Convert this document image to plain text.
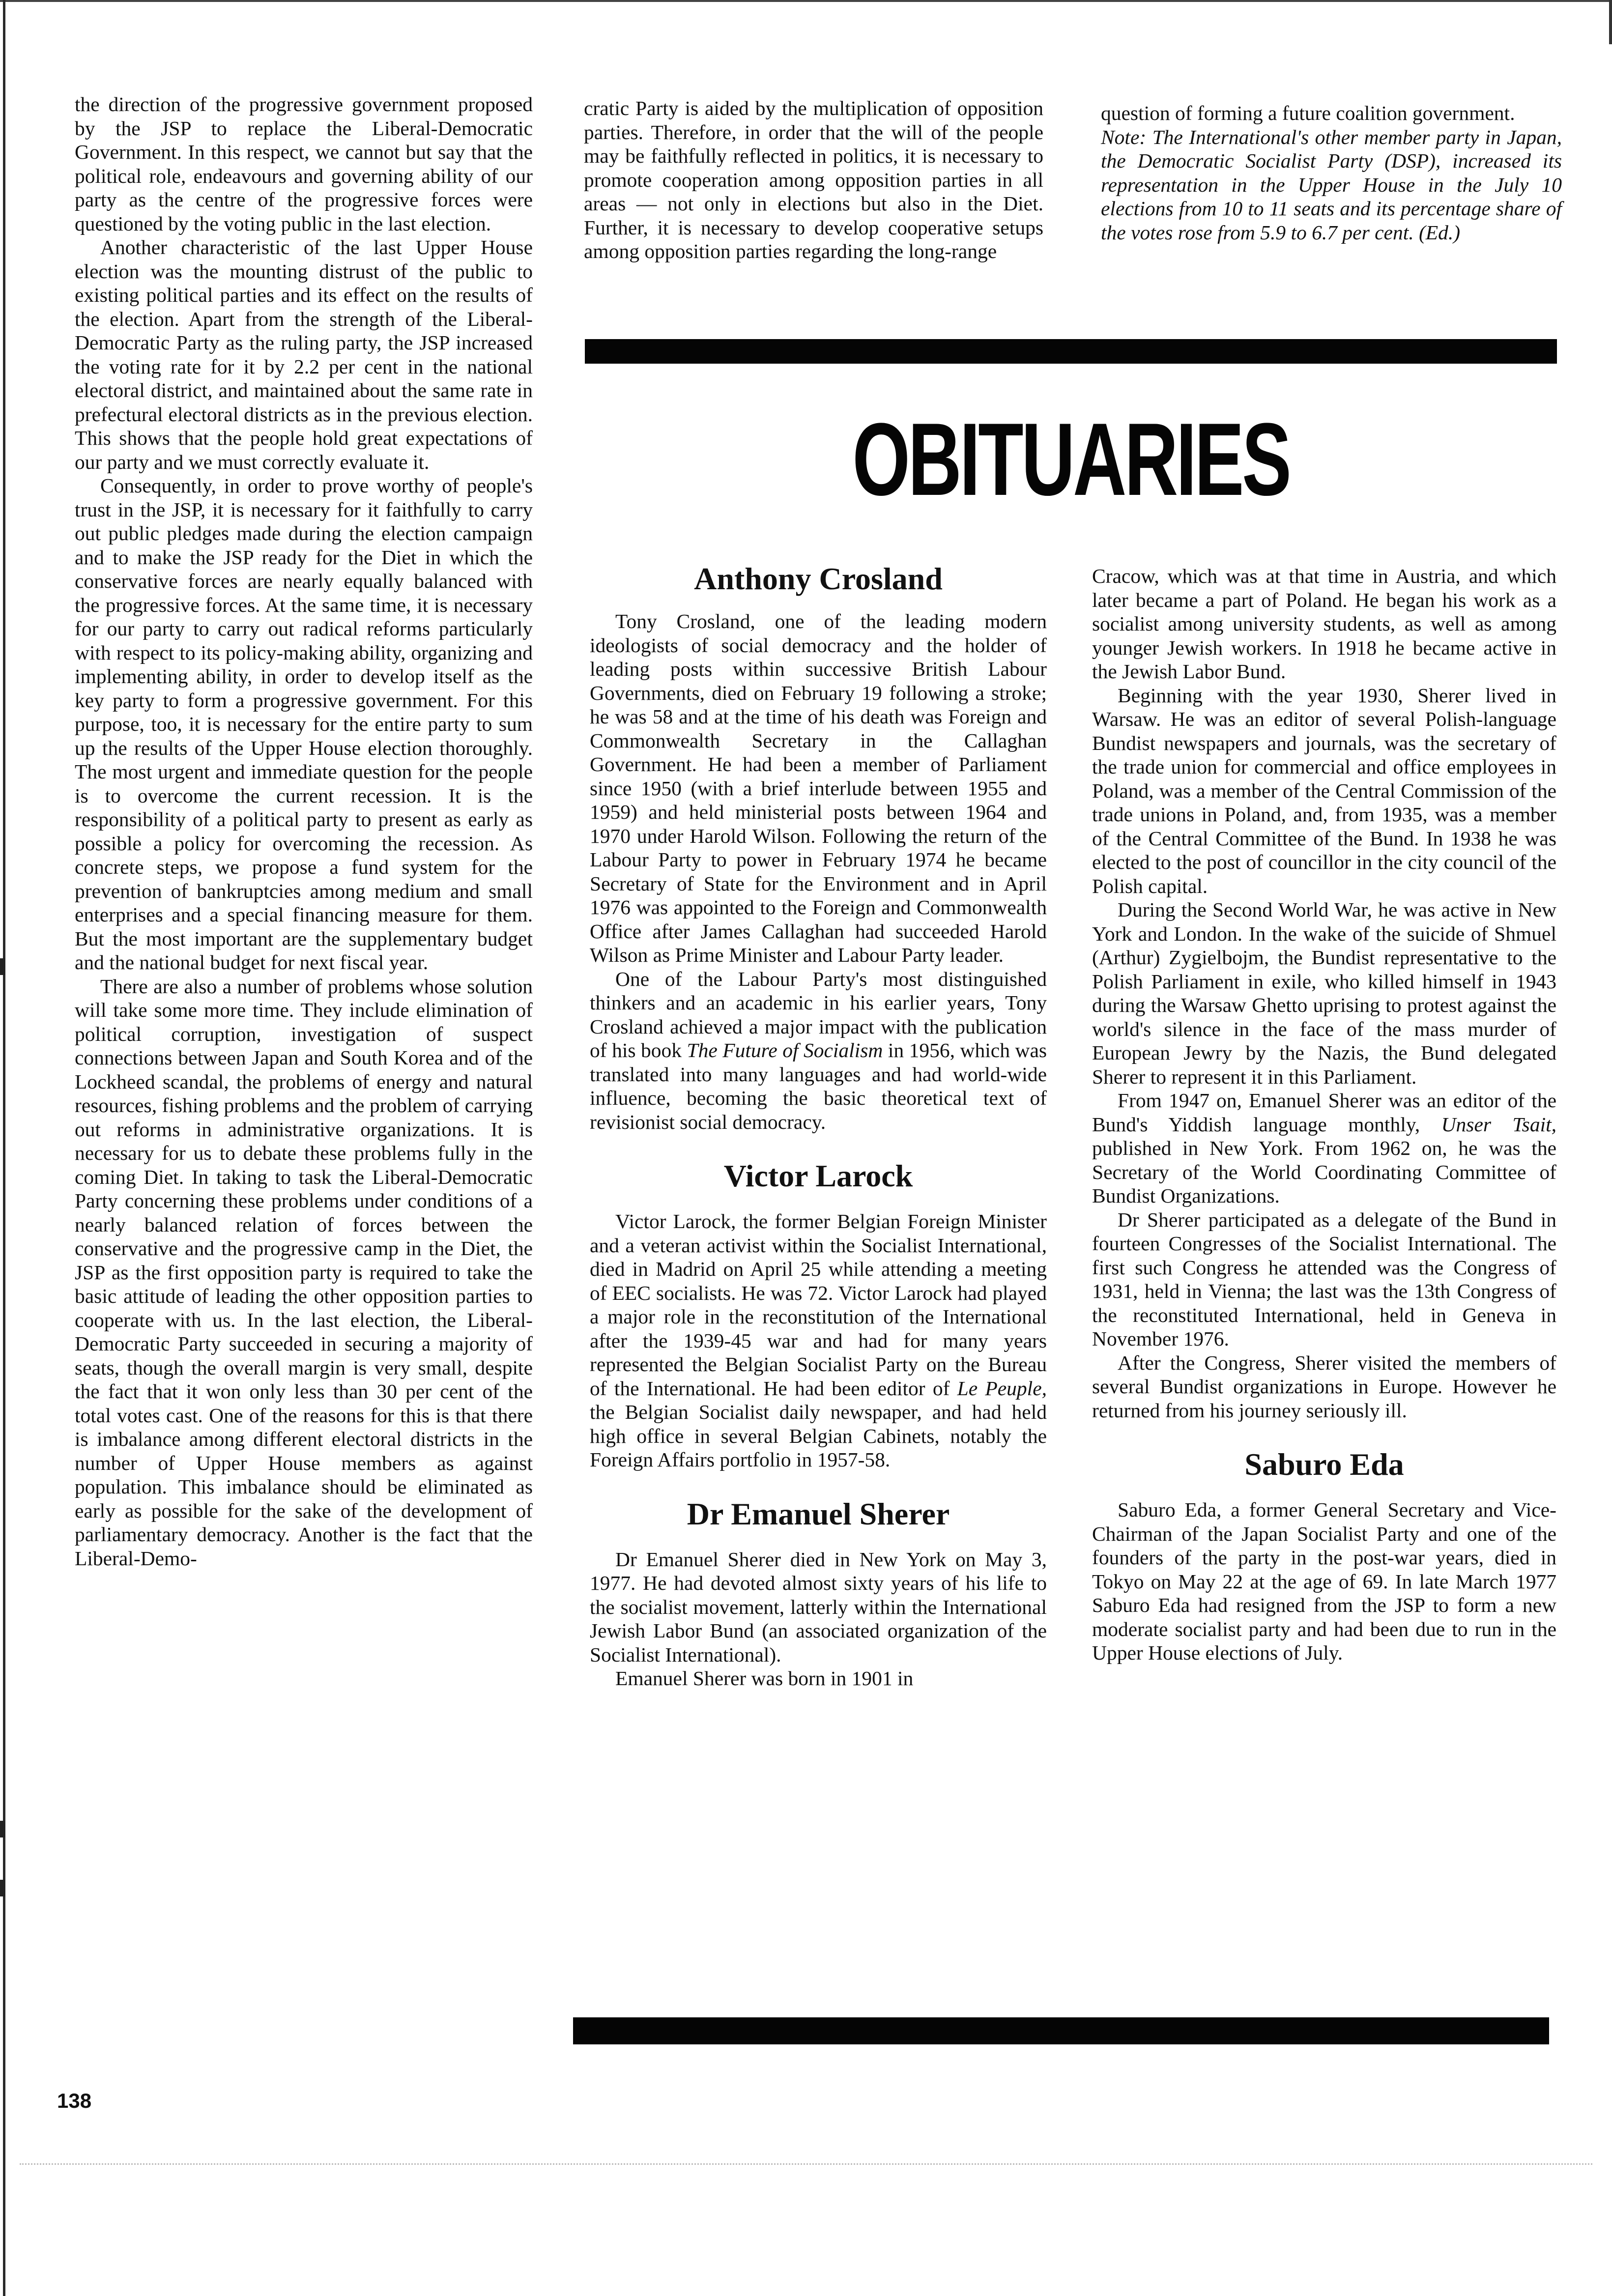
the direction of the progressive government proposed by the JSP to replace the Liberal-Democratic Government. In this respect, we cannot but say that the political role, endeavours and governing ability of our party as the centre of the progressive forces were questioned by the voting public in the last election.

Another characteristic of the last Upper House election was the mounting distrust of the public to existing political parties and its effect on the results of the election. Apart from the strength of the Liberal-Democratic Party as the ruling party, the JSP increased the voting rate for it by 2.2 per cent in the national electoral district, and maintained about the same rate in prefectural electoral districts as in the previous election. This shows that the people hold great expectations of our party and we must correctly evaluate it.

Consequently, in order to prove worthy of people's trust in the JSP, it is necessary for it faithfully to carry out public pledges made during the election campaign and to make the JSP ready for the Diet in which the conservative forces are nearly equally balanced with the progressive forces. At the same time, it is necessary for our party to carry out radical reforms particularly with respect to its policy-making ability, organizing and implementing ability, in order to develop itself as the key party to form a progressive government. For this purpose, too, it is necessary for the entire party to sum up the results of the Upper House election thoroughly. The most urgent and immediate question for the people is to overcome the current recession. It is the responsibility of a political party to present as early as possible a policy for overcoming the recession. As concrete steps, we propose a fund system for the prevention of bankruptcies among medium and small enterprises and a special financing measure for them. But the most important are the supplementary budget and the national budget for next fiscal year.

There are also a number of problems whose solution will take some more time. They include elimination of political corruption, investigation of suspect connections between Japan and South Korea and of the Lockheed scandal, the problems of energy and natural resources, fishing problems and the problem of carrying out reforms in administrative organizations. It is necessary for us to debate these problems fully in the coming Diet. In taking to task the Liberal-Democratic Party concerning these problems under conditions of a nearly balanced relation of forces between the conservative and the progressive camp in the Diet, the JSP as the first opposition party is required to take the basic attitude of leading the other opposition parties to cooperate with us. In the last election, the Liberal-Democratic Party succeeded in securing a majority of seats, though the overall margin is very small, despite the fact that it won only less than 30 per cent of the total votes cast. One of the reasons for this is that there is imbalance among different electoral districts in the number of Upper House members as against population. This imbalance should be eliminated as early as possible for the sake of the development of parliamentary democracy. Another is the fact that the Liberal-Demo-

cratic Party is aided by the multiplication of opposition parties. Therefore, in order that the will of the people may be faithfully reflected in politics, it is necessary to promote cooperation among opposition parties in all areas — not only in elections but also in the Diet. Further, it is necessary to develop cooperative setups among opposition parties regarding the long-range

question of forming a future coalition government.

Note: The International's other member party in Japan, the Democratic Socialist Party (DSP), increased its representation in the Upper House in the July 10 elections from 10 to 11 seats and its percentage share of the votes rose from 5.9 to 6.7 per cent. (Ed.)

OBITUARIES
Anthony Crosland

Tony Crosland, one of the leading modern ideologists of social democracy and the holder of leading posts within successive British Labour Governments, died on February 19 following a stroke; he was 58 and at the time of his death was Foreign and Commonwealth Secretary in the Callaghan Government. He had been a member of Parliament since 1950 (with a brief interlude between 1955 and 1959) and held ministerial posts between 1964 and 1970 under Harold Wilson. Following the return of the Labour Party to power in February 1974 he became Secretary of State for the Environment and in April 1976 was appointed to the Foreign and Commonwealth Office after James Callaghan had succeeded Harold Wilson as Prime Minister and Labour Party leader.

One of the Labour Party's most distinguished thinkers and an academic in his earlier years, Tony Crosland achieved a major impact with the publication of his book The Future of Socialism in 1956, which was translated into many languages and had world-wide influence, becoming the basic theoretical text of revisionist social democracy.

Victor Larock

Victor Larock, the former Belgian Foreign Minister and a veteran activist within the Socialist International, died in Madrid on April 25 while attending a meeting of EEC socialists. He was 72. Victor Larock had played a major role in the reconstitution of the International after the 1939-45 war and had for many years represented the Belgian Socialist Party on the Bureau of the International. He had been editor of Le Peuple, the Belgian Socialist daily newspaper, and had held high office in several Belgian Cabinets, notably the Foreign Affairs portfolio in 1957-58.

Dr Emanuel Sherer

Dr Emanuel Sherer died in New York on May 3, 1977. He had devoted almost sixty years of his life to the socialist movement, latterly within the International Jewish Labor Bund (an associated organization of the Socialist International).

Emanuel Sherer was born in 1901 in

Cracow, which was at that time in Austria, and which later became a part of Poland. He began his work as a socialist among university students, as well as among younger Jewish workers. In 1918 he became active in the Jewish Labor Bund.

Beginning with the year 1930, Sherer lived in Warsaw. He was an editor of several Polish-language Bundist newspapers and journals, was the secretary of the trade union for commercial and office employees in Poland, was a member of the Central Commission of the trade unions in Poland, and, from 1935, was a member of the Central Committee of the Bund. In 1938 he was elected to the post of councillor in the city council of the Polish capital.

During the Second World War, he was active in New York and London. In the wake of the suicide of Shmuel (Arthur) Zygielbojm, the Bundist representative to the Polish Parliament in exile, who killed himself in 1943 during the Warsaw Ghetto uprising to protest against the world's silence in the face of the mass murder of European Jewry by the Nazis, the Bund delegated Sherer to represent it in this Parliament.

From 1947 on, Emanuel Sherer was an editor of the Bund's Yiddish language monthly, Unser Tsait, published in New York. From 1962 on, he was the Secretary of the World Coordinating Committee of Bundist Organizations.

Dr Sherer participated as a delegate of the Bund in fourteen Congresses of the Socialist International. The first such Congress he attended was the Congress of 1931, held in Vienna; the last was the 13th Congress of the reconstituted International, held in Geneva in November 1976.

After the Congress, Sherer visited the members of several Bundist organizations in Europe. However he returned from his journey seriously ill.

Saburo Eda

Saburo Eda, a former General Secretary and Vice-Chairman of the Japan Socialist Party and one of the founders of the party in the post-war years, died in Tokyo on May 22 at the age of 69. In late March 1977 Saburo Eda had resigned from the JSP to form a new moderate socialist party and had been due to run in the Upper House elections of July.

138
